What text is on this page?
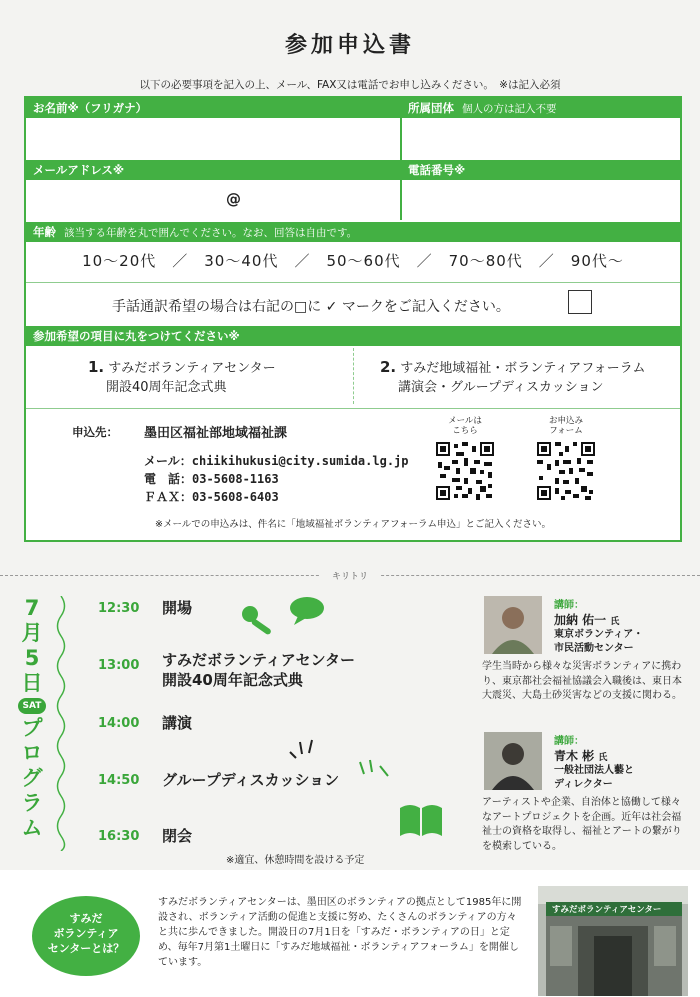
参加申込書
以下の必要事項を記入の上、メール、FAX又は電話でお申し込みください。　※は記入必須
お名前※（フリガナ）	所属団体 個人の方は記入不要
メールアドレス※	電話番号※
@
年齢 該当する年齢を丸で囲んでください。なお、回答は自由です。
10～20代　／　30～40代　／　50～60代　／　70～80代　／　90代～
手話通訳希望の場合は右記の□に ✓ マークをご記入ください。
参加希望の項目に丸をつけてください※
1. すみだボランティアセンター
開設40周年記念式典
2. すみだ地域福祉・ボランティアフォーラム
講演会・グループディスカッション
申込先： 墨田区福祉部地域福祉課
メール：chiikihukusi@city.sumida.lg.jp
電　話：03-5608-1163
ＦＡＸ：03-5608-6403
メールは
こちら
お申込み
フォーム
※メールでの申込みは、件名に「地域福祉ボランティアフォーラム申込」とご記入ください。
キリトリ
7
月
5
日
SAT
プ
ロ
グ
ラ
ム
12:30 開場
13:00 すみだボランティアセンター
開設40周年記念式典
14:00 講演
14:50 グループディスカッション
16:30 閉会
※適宜、休憩時間を設ける予定
講師：
加納 佑一 氏
東京ボランティア・
市民活動センター
学生当時から様々な災害ボランティアに携わり、東京都社会福祉協議会入職後は、東日本大震災、大島土砂災害などの支援に関わる。
講師：
青木 彬 氏
一般社団法人藝と
ディレクター
アーティストや企業、自治体と協働して様々なアートプロジェクトを企画。近年は社会福祉士の資格を取得し、福祉とアートの繋がりを模索している。
すみだ
ボランティア
センターとは？
すみだボランティアセンターは、墨田区のボランティアの拠点として1985年に開設され、ボランティア活動の促進と支援に努め、たくさんのボランティアの方々と共に歩んできました。開設日の7月1日を「すみだ・ボランティアの日」と定め、毎年7月第1土曜日に「すみだ地域福祉・ボランティアフォーラム」を開催しています。
すみだボランティアセンター
